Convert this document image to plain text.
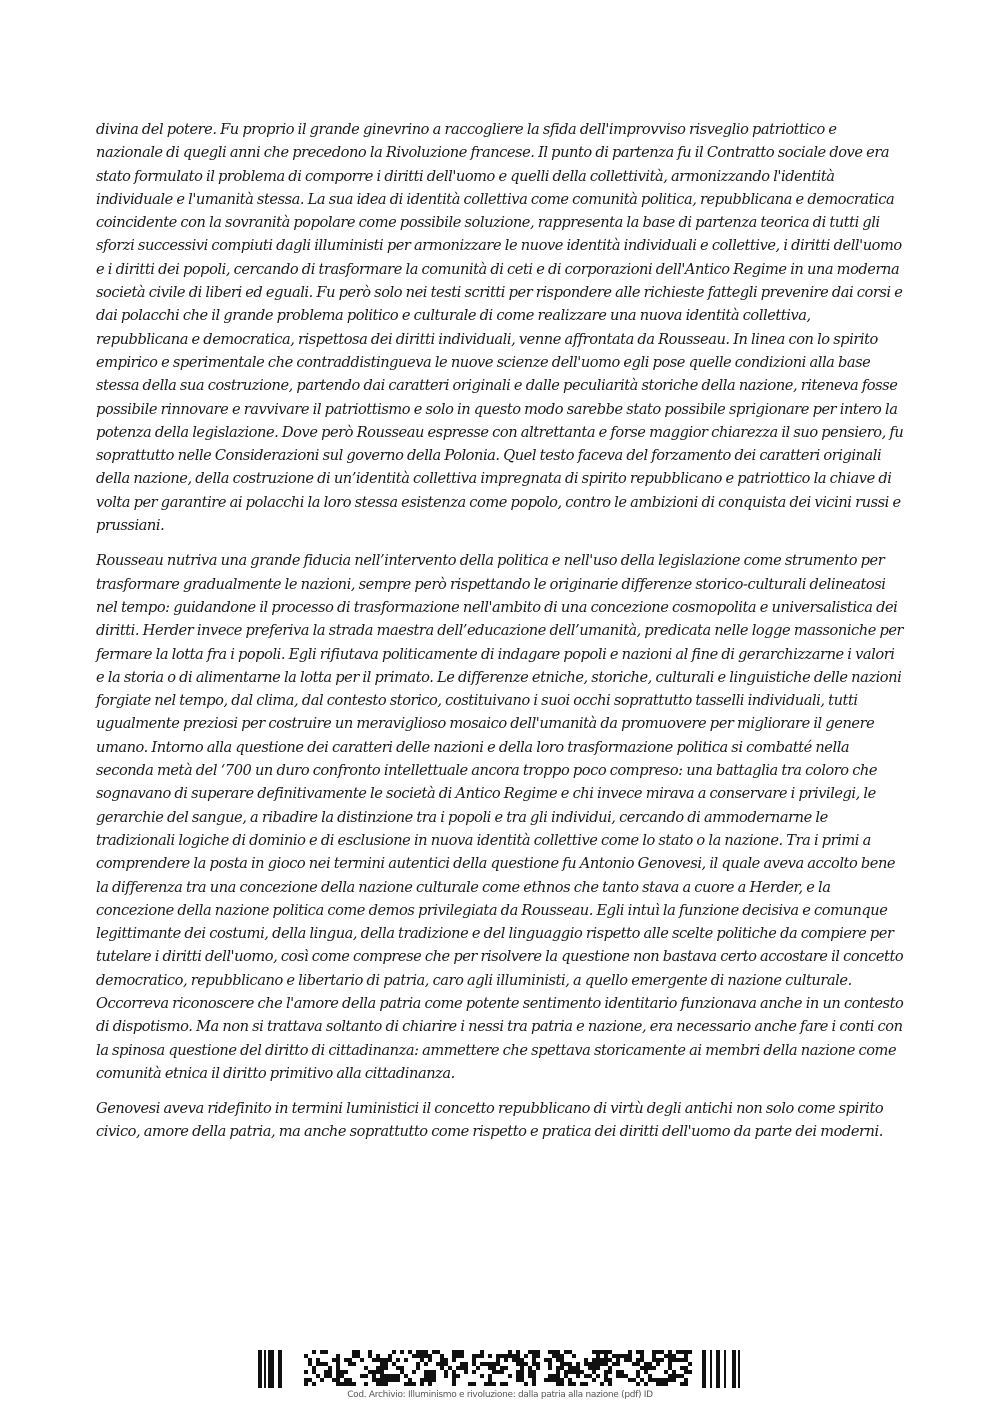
divina del potere. Fu proprio il grande ginevrino a raccogliere la sfida dell'improvviso risveglio patriottico e nazionale di quegli anni che precedono la Rivoluzione francese. Il punto di partenza fu il Contratto sociale dove era stato formulato il problema di comporre i diritti dell'uomo e quelli della collettività, armonizzando l'identità individuale e l'umanità stessa. La sua idea di identità collettiva come comunità politica, repubblicana e democratica coincidente con la sovranità popolare come possibile soluzione, rappresenta la base di partenza teorica di tutti gli sforzi successivi compiuti dagli illuministi per armonizzare le nuove identità individuali e collettive, i diritti dell'uomo e i diritti dei popoli, cercando di trasformare la comunità di ceti e di corporazioni dell'Antico Regime in una moderna società civile di liberi ed eguali. Fu però solo nei testi scritti per rispondere alle richieste fattegli prevenire dai corsi e dai polacchi che il grande problema politico e culturale di come realizzare una nuova identità collettiva, repubblicana e democratica, rispettosa dei diritti individuali, venne affrontata da Rousseau. In linea con lo spirito empirico e sperimentale che contraddistingueva le nuove scienze dell'uomo egli pose quelle condizioni alla base stessa della sua costruzione, partendo dai caratteri originali e dalle peculiarità storiche della nazione, riteneva fosse possibile rinnovare e ravvivare il patriottismo e solo in questo modo sarebbe stato possibile sprigionare per intero la potenza della legislazione. Dove però Rousseau espresse con altrettanta e forse maggior chiarezza il suo pensiero, fu soprattutto nelle Considerazioni sul governo della Polonia. Quel testo faceva del forzamento dei caratteri originali della nazione, della costruzione di un’identità collettiva impregnata di spirito repubblicano e patriottico la chiave di volta per garantire ai polacchi la loro stessa esistenza come popolo, contro le ambizioni di conquista dei vicini russi e prussiani.

Rousseau nutriva una grande fiducia nell’intervento della politica e nell'uso della legislazione come strumento per trasformare gradualmente le nazioni, sempre però rispettando le originarie differenze storico-culturali delineatosi nel tempo: guidandone il processo di trasformazione nell'ambito di una concezione cosmopolita e universalistica dei diritti. Herder invece preferiva la strada maestra dell’educazione dell’umanità, predicata nelle logge massoniche per fermare la lotta fra i popoli. Egli rifiutava politicamente di indagare popoli e nazioni al fine di gerarchizzarne i valori e la storia o di alimentarne la lotta per il primato. Le differenze etniche, storiche, culturali e linguistiche delle nazioni forgiate nel tempo, dal clima, dal contesto storico, costituivano i suoi occhi soprattutto tasselli individuali, tutti ugualmente preziosi per costruire un meraviglioso mosaico dell'umanità da promuovere per migliorare il genere umano. Intorno alla questione dei caratteri delle nazioni e della loro trasformazione politica si combatté nella seconda metà del ‘700 un duro confronto intellettuale ancora troppo poco compreso: una battaglia tra coloro che sognavano di superare definitivamente le società di Antico Regime e chi invece mirava a conservare i privilegi, le gerarchie del sangue, a ribadire la distinzione tra i popoli e tra gli individui, cercando di ammodernarne le tradizionali logiche di dominio e di esclusione in nuova identità collettive come lo stato o la nazione. Tra i primi a comprendere la posta in gioco nei termini autentici della questione fu Antonio Genovesi, il quale aveva accolto bene la differenza tra una concezione della nazione culturale come ethnos che tanto stava a cuore a Herder, e la concezione della nazione politica come demos privilegiata da Rousseau. Egli intuì la funzione decisiva e comunque legittimante dei costumi, della lingua, della tradizione e del linguaggio rispetto alle scelte politiche da compiere per tutelare i diritti dell'uomo, così come comprese che per risolvere la questione non bastava certo accostare il concetto democratico, repubblicano e libertario di patria, caro agli illuministi, a quello emergente di nazione culturale. Occorreva riconoscere che l'amore della patria come potente sentimento identitario funzionava anche in un contesto di dispotismo. Ma non si trattava soltanto di chiarire i nessi tra patria e nazione, era necessario anche fare i conti con la spinosa questione del diritto di cittadinanza: ammettere che spettava storicamente ai membri della nazione come comunità etnica il diritto primitivo alla cittadinanza.

Genovesi aveva ridefinito in termini luministici il concetto repubblicano di virtù degli antichi non solo come spirito civico, amore della patria, ma anche soprattutto come rispetto e pratica dei diritti dell'uomo da parte dei moderni.

Cod. Archivio: Illuminismo e rivoluzione: dalla patria alla nazione (pdf) ID
